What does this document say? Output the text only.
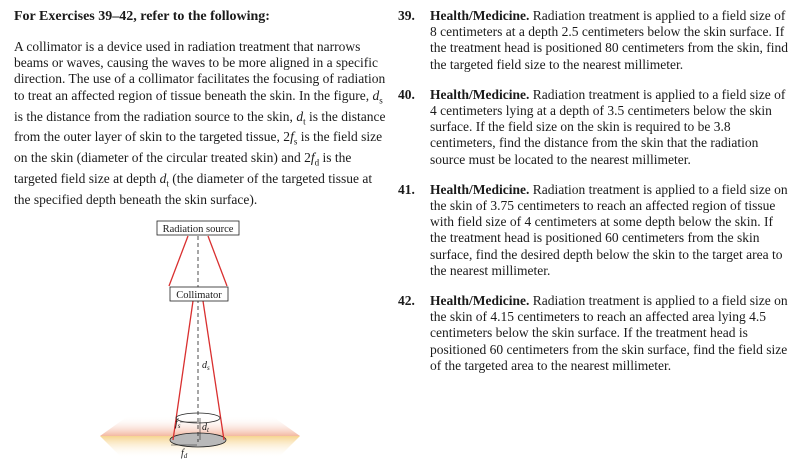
For Exercises 39–42, refer to the following:

A collimator is a device used in radiation treatment that narrows beams or waves, causing the waves to be more aligned in a specific direction. The use of a collimator facilitates the focusing of radiation to treat an affected region of tissue beneath the skin. In the figure, $d_s$ is the distance from the radiation source to the skin, $d_t$ is the distance from the outer layer of skin to the targeted tissue, $2f_s$ is the field size on the skin (diameter of the circular treated skin) and $2f_d$ is the targeted field size at depth $d_t$ (the diameter of the targeted tissue at the specified depth beneath the skin surface).

Radiation source
Collimator
$d_s$
$f_s$ $d_t$
$f_d$
39. Health/Medicine. Radiation treatment is applied to a field size of 8 centimeters at a depth 2.5 centimeters below the skin surface. If the treatment head is positioned 80 centimeters from the skin, find the targeted field size to the nearest millimeter.
40. Health/Medicine. Radiation treatment is applied to a field size of 4 centimeters lying at a depth of 3.5 centimeters below the skin surface. If the field size on the skin is required to be 3.8 centimeters, find the distance from the skin that the radiation source must be located to the nearest millimeter.
41. Health/Medicine. Radiation treatment is applied to a field size on the skin of 3.75 centimeters to reach an affected region of tissue with field size of 4 centimeters at some depth below the skin. If the treatment head is positioned 60 centimeters from the skin surface, find the desired depth below the skin to the target area to the nearest millimeter.
42. Health/Medicine. Radiation treatment is applied to a field size on the skin of 4.15 centimeters to reach an affected area lying 4.5 centimeters below the skin surface. If the treatment head is positioned 60 centimeters from the skin surface, find the field size of the targeted area to the nearest millimeter.
